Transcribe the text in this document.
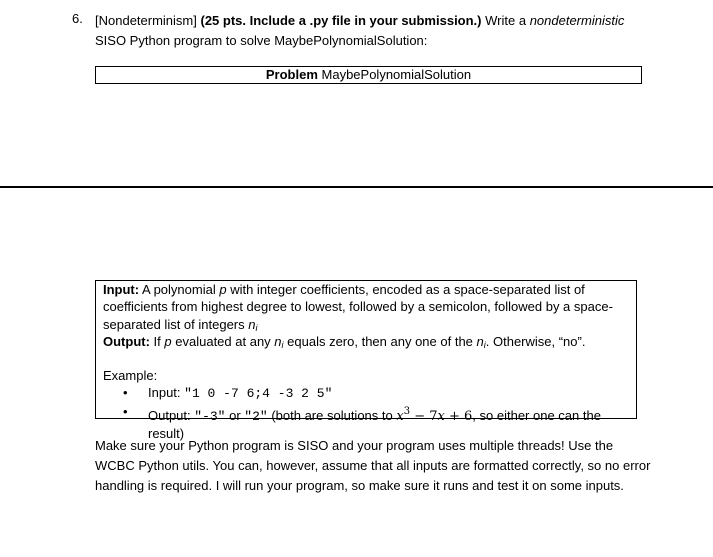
6. [Nondeterminism] (25 pts. Include a .py file in your submission.) Write a nondeterministic SISO Python program to solve MaybePolynomialSolution:
Problem MaybePolynomialSolution

Input: A polynomial p with integer coefficients, encoded as a space-separated list of coefficients from highest degree to lowest, followed by a semicolon, followed by a space-separated list of integers $n_i$

Output: If p evaluated at any $n_i$ equals zero, then any one of the $n_i$. Otherwise, “no”.

Example:

• Input: "1 0 -7 6;4 -3 2 5"

• Output: "-3" or "2" (both are solutions to $x^3 - 7x + 6$, so either one can the result)

Make sure your Python program is SISO and your program uses multiple threads! Use the WCBC Python utils. You can, however, assume that all inputs are formatted correctly, so no error handling is required. I will run your program, so make sure it runs and test it on some inputs.
